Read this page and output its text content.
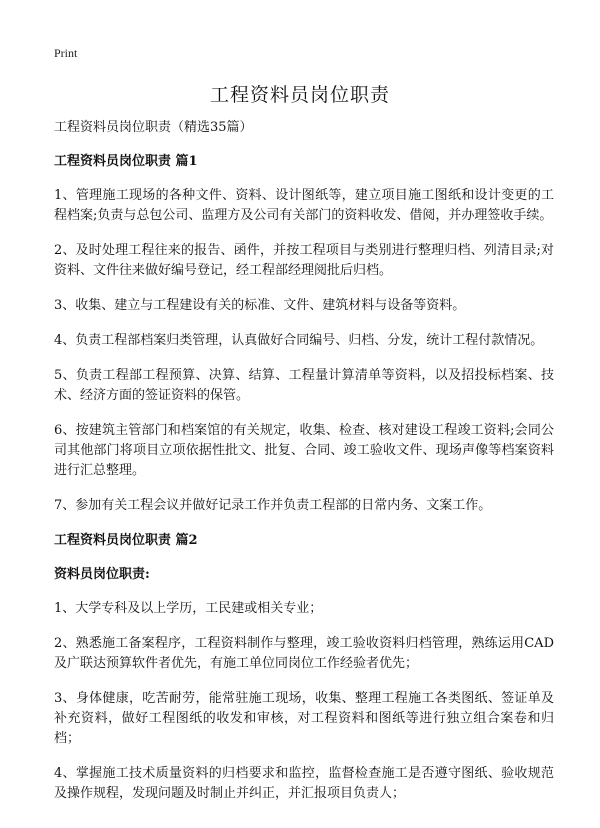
Print
工程资料员岗位职责

工程资料员岗位职责（精选35篇）

工程资料员岗位职责 篇1

1、管理施工现场的各种文件、资料、设计图纸等，建立项目施工图纸和设计变更的工程档案;负责与总包公司、监理方及公司有关部门的资料收发、借阅，并办理签收手续。

2、及时处理工程往来的报告、函件，并按工程项目与类别进行整理归档、列清目录;对资料、文件往来做好编号登记，经工程部经理阅批后归档。

3、收集、建立与工程建设有关的标准、文件、建筑材料与设备等资料。

4、负责工程部档案归类管理，认真做好合同编号、归档、分发，统计工程付款情况。

5、负责工程部工程预算、决算、结算、工程量计算清单等资料，以及招投标档案、技术、经济方面的签证资料的保管。

6、按建筑主管部门和档案馆的有关规定，收集、检查、核对建设工程竣工资料;会同公司其他部门将项目立项依据性批文、批复、合同、竣工验收文件、现场声像等档案资料进行汇总整理。

7、参加有关工程会议并做好记录工作并负责工程部的日常内务、文案工作。

工程资料员岗位职责 篇2

资料员岗位职责:

1、大学专科及以上学历，工民建或相关专业；

2、熟悉施工备案程序，工程资料制作与整理，竣工验收资料归档管理，熟练运用CAD及广联达预算软件者优先，有施工单位同岗位工作经验者优先；

3、身体健康，吃苦耐劳，能常驻施工现场，收集、整理工程施工各类图纸、签证单及补充资料，做好工程图纸的收发和审核，对工程资料和图纸等进行独立组合案卷和归档；

4、掌握施工技术质量资料的归档要求和监控，监督检查施工是否遵守图纸、验收规范及操作规程，发现问题及时制止并纠正，并汇报项目负责人；
